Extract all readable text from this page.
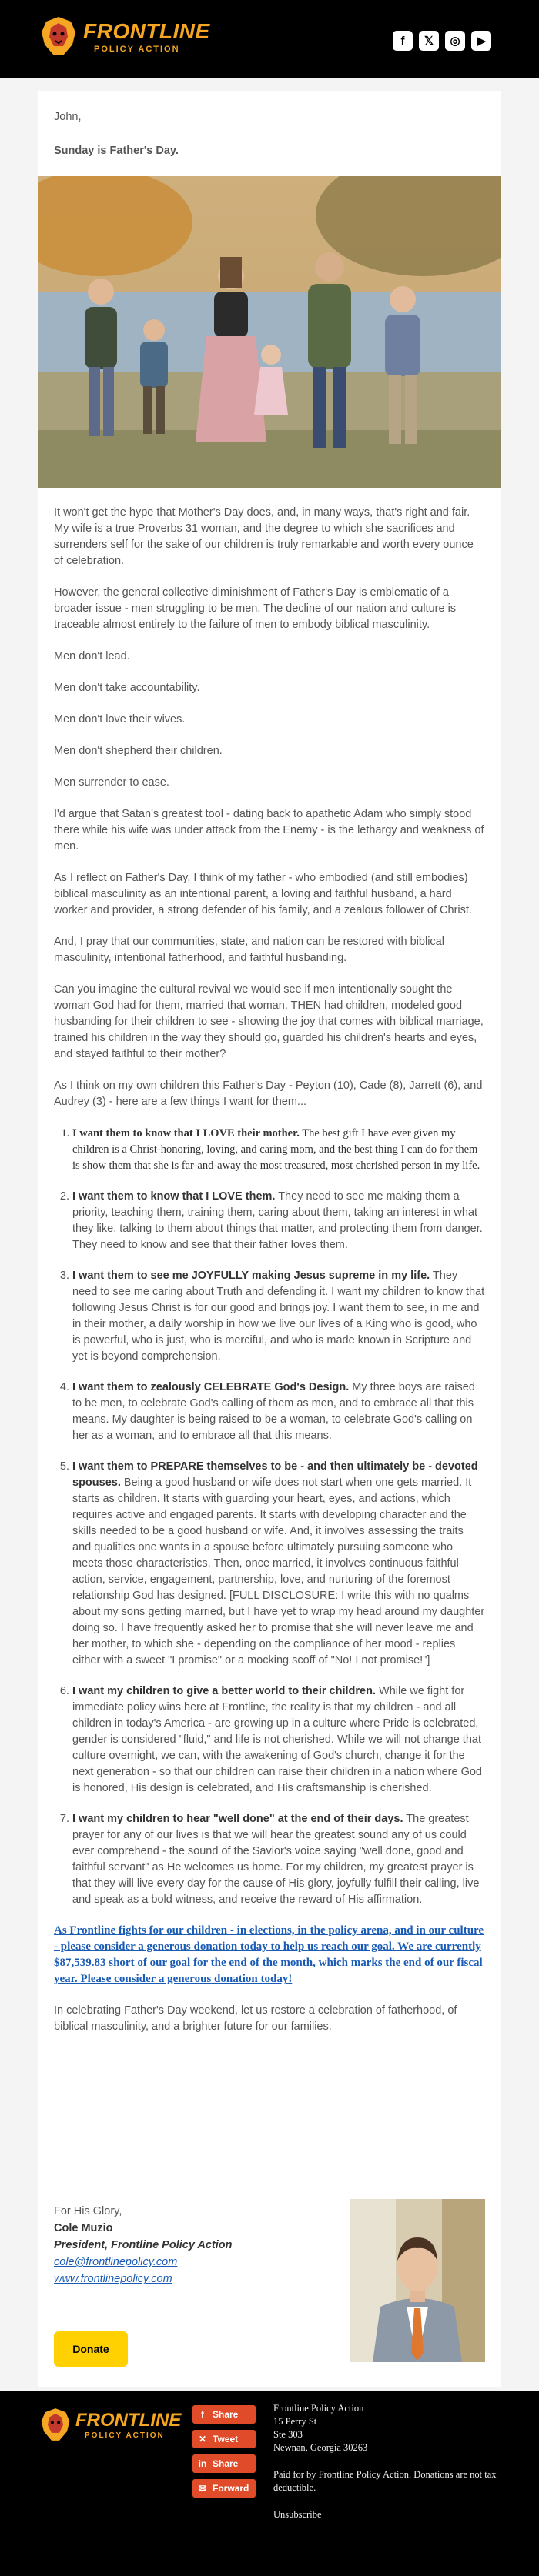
FRONTLINE
POLICY ACTION
f	𝕏	◎	▶

John,

Sunday is Father's Day.

It won't get the hype that Mother's Day does, and, in many ways, that's right and fair. My wife is a true Proverbs 31 woman, and the degree to which she sacrifices and surrenders self for the sake of our children is truly remarkable and worth every ounce of celebration.

However, the general collective diminishment of Father's Day is emblematic of a broader issue - men struggling to be men. The decline of our nation and culture is traceable almost entirely to the failure of men to embody biblical masculinity.

Men don't lead.

Men don't take accountability.

Men don't love their wives.

Men don't shepherd their children.

Men surrender to ease.

I'd argue that Satan's greatest tool - dating back to apathetic Adam who simply stood there while his wife was under attack from the Enemy - is the lethargy and weakness of men.

As I reflect on Father's Day, I think of my father - who embodied (and still embodies) biblical masculinity as an intentional parent, a loving and faithful husband, a hard worker and provider, a strong defender of his family, and a zealous follower of Christ.

And, I pray that our communities, state, and nation can be restored with biblical masculinity, intentional fatherhood, and faithful husbanding.

Can you imagine the cultural revival we would see if men intentionally sought the woman God had for them, married that woman, THEN had children, modeled good husbanding for their children to see - showing the joy that comes with biblical marriage, trained his children in the way they should go, guarded his children's hearts and eyes, and stayed faithful to their mother?

As I think on my own children this Father's Day - Peyton (10), Cade (8), Jarrett (6), and Audrey (3) - here are a few things I want for them...

1. I want them to know that I LOVE their mother. The best gift I have ever given my children is a Christ-honoring, loving, and caring mom, and the best thing I can do for them is show them that she is far-and-away the most treasured, most cherished person in my life.
2. I want them to know that I LOVE them. They need to see me making them a priority, teaching them, training them, caring about them, taking an interest in what they like, talking to them about things that matter, and protecting them from danger. They need to know and see that their father loves them.
3. I want them to see me JOYFULLY making Jesus supreme in my life. They need to see me caring about Truth and defending it. I want my children to know that following Jesus Christ is for our good and brings joy. I want them to see, in me and in their mother, a daily worship in how we live our lives of a King who is good, who is powerful, who is just, who is merciful, and who is made known in Scripture and yet is beyond comprehension.
4. I want them to zealously CELEBRATE God's Design. My three boys are raised to be men, to celebrate God's calling of them as men, and to embrace all that this means. My daughter is being raised to be a woman, to celebrate God's calling on her as a woman, and to embrace all that this means.
5. I want them to PREPARE themselves to be - and then ultimately be - devoted spouses. Being a good husband or wife does not start when one gets married. It starts as children. It starts with guarding your heart, eyes, and actions, which requires active and engaged parents. It starts with developing character and the skills needed to be a good husband or wife. And, it involves assessing the traits and qualities one wants in a spouse before ultimately pursuing someone who meets those characteristics. Then, once married, it involves continuous faithful action, service, engagement, partnership, love, and nurturing of the foremost relationship God has designed. [FULL DISCLOSURE: I write this with no qualms about my sons getting married, but I have yet to wrap my head around my daughter doing so. I have frequently asked her to promise that she will never leave me and her mother, to which she - depending on the compliance of her mood - replies either with a sweet "I promise" or a mocking scoff of "No! I not promise!"]
6. I want my children to give a better world to their children. While we fight for immediate policy wins here at Frontline, the reality is that my children - and all children in today's America - are growing up in a culture where Pride is celebrated, gender is considered "fluid," and life is not cherished. While we will not change that culture overnight, we can, with the awakening of God's church, change it for the next generation - so that our children can raise their children in a nation where God is honored, His design is celebrated, and His craftsmanship is cherished.
7. I want my children to hear "well done" at the end of their days. The greatest prayer for any of our lives is that we will hear the greatest sound any of us could ever comprehend - the sound of the Savior's voice saying "well done, good and faithful servant" as He welcomes us home. For my children, my greatest prayer is that they will live every day for the cause of His glory, joyfully fulfill their calling, live and speak as a bold witness, and receive the reward of His affirmation.

As Frontline fights for our children - in elections, in the policy arena, and in our culture - please consider a generous donation today to help us reach our goal. We are currently $87,539.83 short of our goal for the end of the month, which marks the end of our fiscal year. Please consider a generous donation today!

In celebrating Father's Day weekend, let us restore a celebration of fatherhood, of biblical masculinity, and a brighter future for our families.

For His Glory,

Cole Muzio

President, Frontline Policy Action

cole@frontlinepolicy.com

www.frontlinepolicy.com

Donate
FRONTLINE
POLICY ACTION
f Share
✕ Tweet
in Share
✉ Forward

Frontline Policy Action

15 Perry St

Ste 303

Newnan, Georgia 30263

Paid for by Frontline Policy Action. Donations are not tax deductible.

Unsubscribe
